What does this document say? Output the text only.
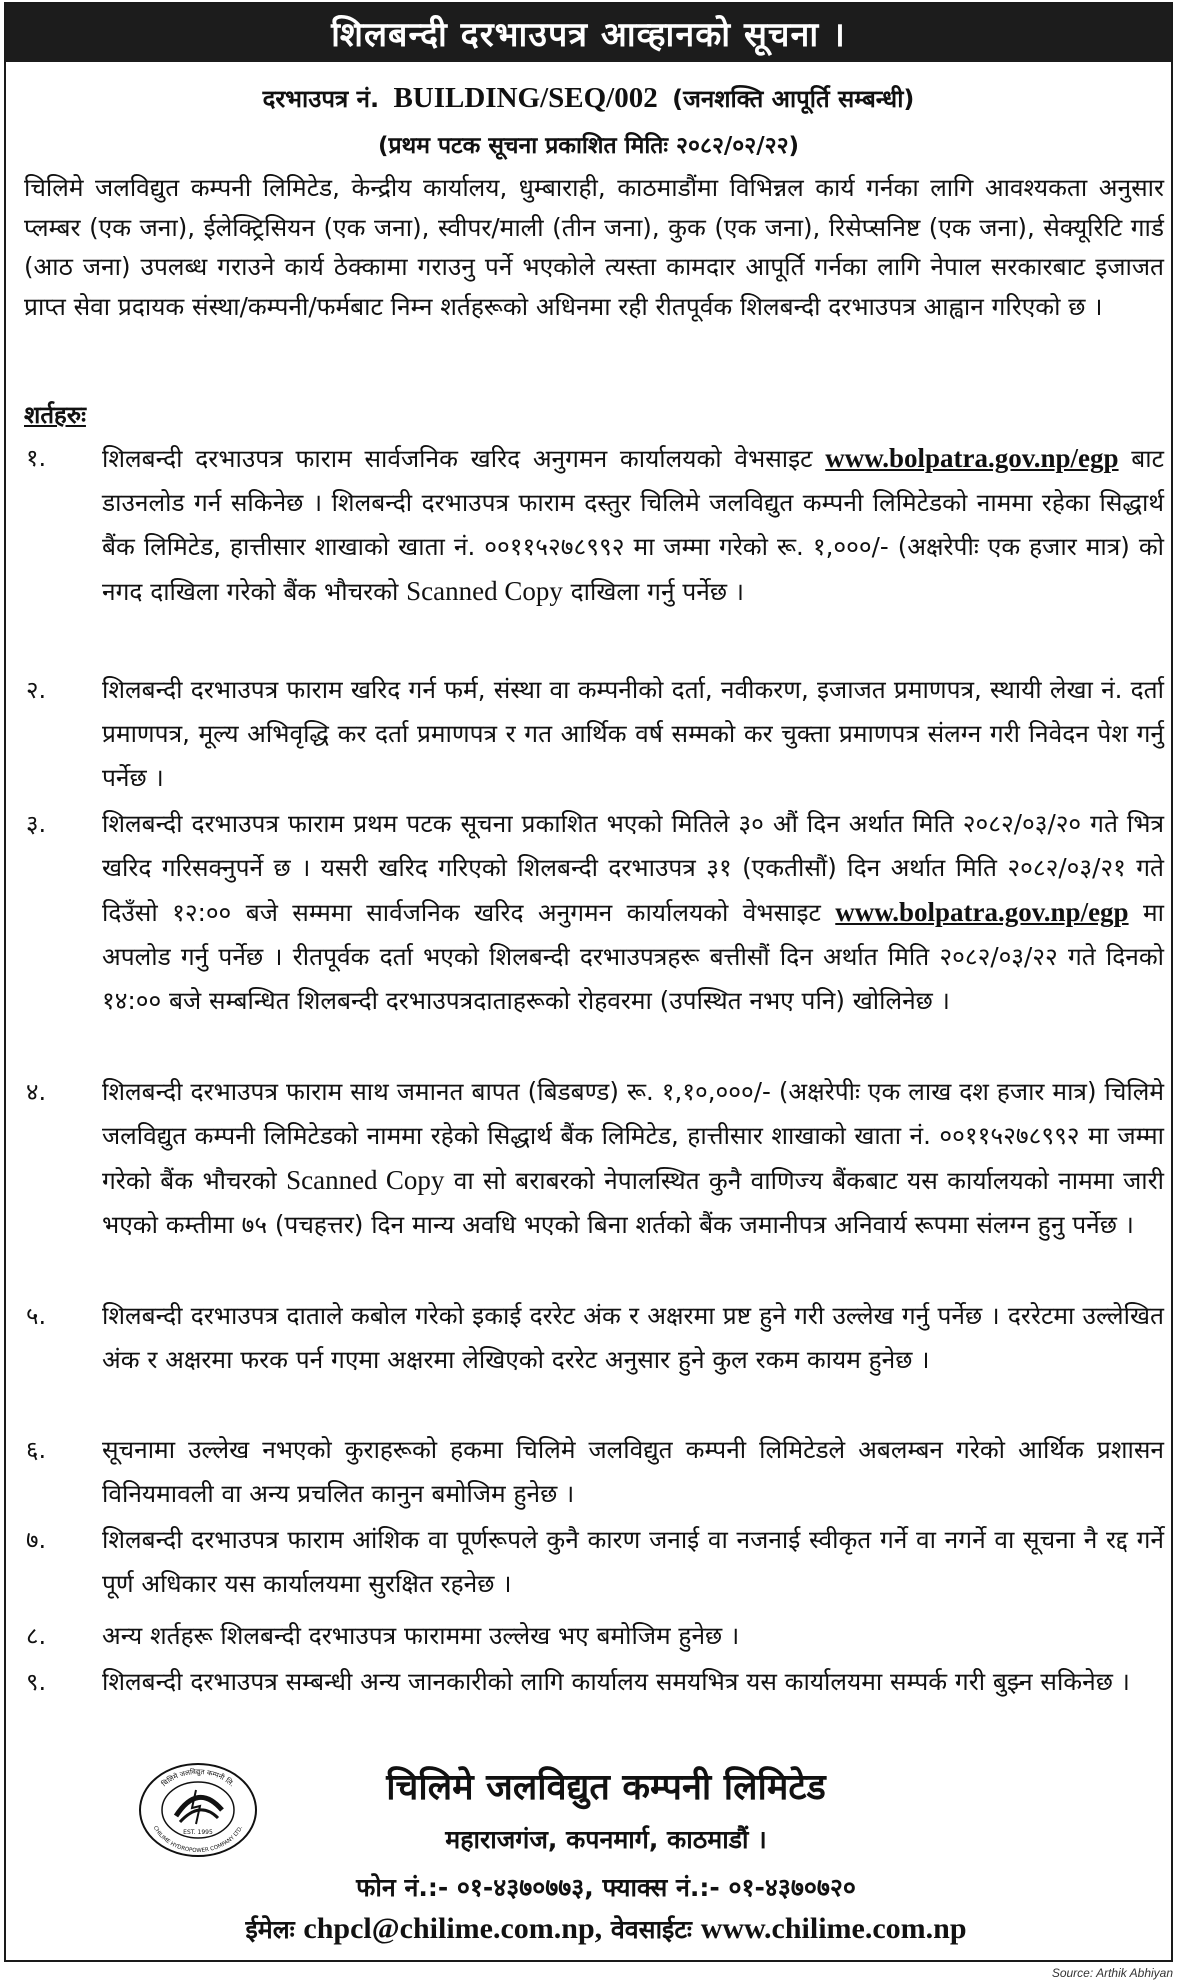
शिलबन्दी दरभाउपत्र आव्हानको सूचना ।
दरभाउपत्र नं. BUILDING/SEQ/002 (जनशक्ति आपूर्ति सम्बन्धी)
(प्रथम पटक सूचना प्रकाशित मितिः २०८२/०२/२२)

चिलिमे जलविद्युत कम्पनी लिमिटेड, केन्द्रीय कार्यालय, धुम्बाराही, काठमाडौंमा विभिन्नल कार्य गर्नका लागि आवश्यकता अनुसार प्लम्बर (एक जना), ईलेक्ट्रिसियन (एक जना), स्वीपर/माली (तीन जना), कुक (एक जना), रिसेप्सनिष्ट (एक जना), सेक्यूरिटि गार्ड (आठ जना) उपलब्ध गराउने कार्य ठेक्कामा गराउनु पर्ने भएकोले त्यस्ता कामदार आपूर्ति गर्नका लागि नेपाल सरकारबाट इजाजत प्राप्त सेवा प्रदायक संस्था/कम्पनी/फर्मबाट निम्न शर्तहरूको अधिनमा रही रीतपूर्वक शिलबन्दी दरभाउपत्र आह्वान गरिएको छ ।

शर्तहरुः

१. शिलबन्दी दरभाउपत्र फाराम सार्वजनिक खरिद अनुगमन कार्यालयको वेभसाइट www.bolpatra.gov.np/egp बाट डाउनलोड गर्न सकिनेछ । शिलबन्दी दरभाउपत्र फाराम दस्तुर चिलिमे जलविद्युत कम्पनी लिमिटेडको नाममा रहेका सिद्धार्थ बैंक लिमिटेड, हात्तीसार शाखाको खाता नं. ००११५२७८९९२ मा जम्मा गरेको रू. १,०००/- (अक्षरेपीः एक हजार मात्र) को नगद दाखिला गरेको बैंक भौचरको Scanned Copy दाखिला गर्नु पर्नेछ ।

२. शिलबन्दी दरभाउपत्र फाराम खरिद गर्न फर्म, संस्था वा कम्पनीको दर्ता, नवीकरण, इजाजत प्रमाणपत्र, स्थायी लेखा नं. दर्ता प्रमाणपत्र, मूल्य अभिवृद्धि कर दर्ता प्रमाणपत्र र गत आर्थिक वर्ष सम्मको कर चुक्ता प्रमाणपत्र संलग्न गरी निवेदन पेश गर्नु पर्नेछ ।

३. शिलबन्दी दरभाउपत्र फाराम प्रथम पटक सूचना प्रकाशित भएको मितिले ३० औं दिन अर्थात मिति २०८२/०३/२० गते भित्र खरिद गरिसक्नुपर्ने छ । यसरी खरिद गरिएको शिलबन्दी दरभाउपत्र ३१ (एकतीसौं) दिन अर्थात मिति २०८२/०३/२१ गते दिउँसो १२:०० बजे सम्ममा सार्वजनिक खरिद अनुगमन कार्यालयको वेभसाइट www.bolpatra.gov.np/egp मा अपलोड गर्नु पर्नेछ । रीतपूर्वक दर्ता भएको शिलबन्दी दरभाउपत्रहरू बत्तीसौं दिन अर्थात मिति २०८२/०३/२२ गते दिनको १४:०० बजे सम्बन्धित शिलबन्दी दरभाउपत्रदाताहरूको रोहवरमा (उपस्थित नभए पनि) खोलिनेछ ।

४. शिलबन्दी दरभाउपत्र फाराम साथ जमानत बापत (बिडबण्ड) रू. १,१०,०००/- (अक्षरेपीः एक लाख दश हजार मात्र) चिलिमे जलविद्युत कम्पनी लिमिटेडको नाममा रहेको सिद्धार्थ बैंक लिमिटेड, हात्तीसार शाखाको खाता नं. ००११५२७८९९२ मा जम्मा गरेको बैंक भौचरको Scanned Copy वा सो बराबरको नेपालस्थित कुनै वाणिज्य बैंकबाट यस कार्यालयको नाममा जारी भएको कम्तीमा ७५ (पचहत्तर) दिन मान्य अवधि भएको बिना शर्तको बैंक जमानीपत्र अनिवार्य रूपमा संलग्न हुनु पर्नेछ ।

५. शिलबन्दी दरभाउपत्र दाताले कबोल गरेको इकाई दररेट अंक र अक्षरमा प्रष्ट हुने गरी उल्लेख गर्नु पर्नेछ । दररेटमा उल्लेखित अंक र अक्षरमा फरक पर्न गएमा अक्षरमा लेखिएको दररेट अनुसार हुने कुल रकम कायम हुनेछ ।

६. सूचनामा उल्लेख नभएको कुराहरूको हकमा चिलिमे जलविद्युत कम्पनी लिमिटेडले अबलम्बन गरेको आर्थिक प्रशासन विनियमावली वा अन्य प्रचलित कानुन बमोजिम हुनेछ ।

७. शिलबन्दी दरभाउपत्र फाराम आंशिक वा पूर्णरूपले कुनै कारण जनाई वा नजनाई स्वीकृत गर्ने वा नगर्ने वा सूचना नै रद्द गर्ने पूर्ण अधिकार यस कार्यालयमा सुरक्षित रहनेछ ।

८. अन्य शर्तहरू शिलबन्दी दरभाउपत्र फाराममा उल्लेख भए बमोजिम हुनेछ ।

९. शिलबन्दी दरभाउपत्र सम्बन्धी अन्य जानकारीको लागि कार्यालय समयभित्र यस कार्यालयमा सम्पर्क गरी बुझ्न सकिनेछ ।

चिलिमे जलविद्युत कम्पनी लि.
EST. 1995
CHILIME HYDROPOWER COMPANY LTD.

चिलिमे जलविद्युत कम्पनी लिमिटेड

महाराजगंज, कपनमार्ग, काठमाडौं ।

फोन नं.:- ०१-४३७०७७३, फ्याक्स नं.:- ०१-४३७०७२०

ईमेलः chpcl@chilime.com.np, वेवसाईटः www.chilime.com.np

Source: Arthik Abhiyan
